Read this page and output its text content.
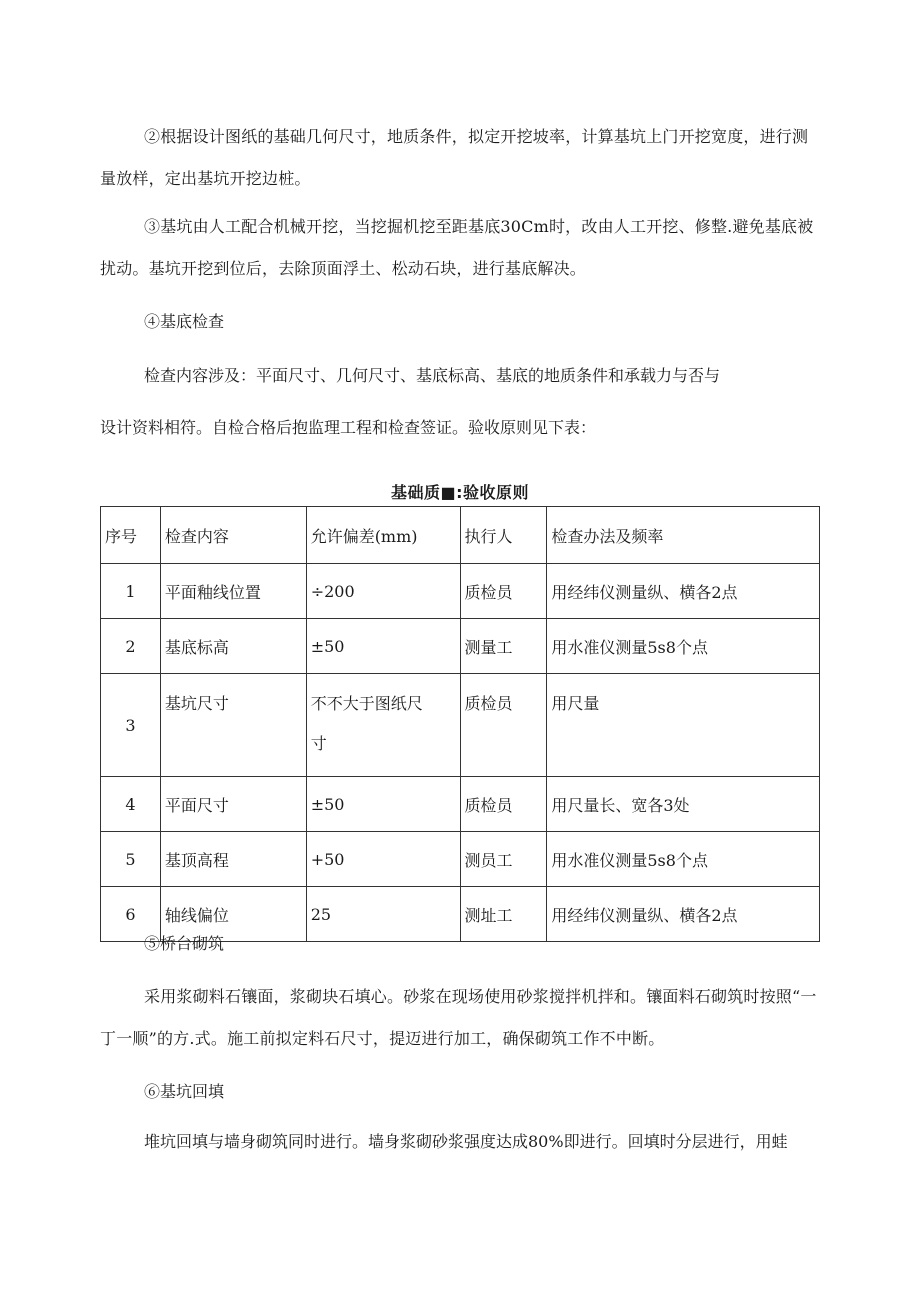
②根据设计图纸的基础几何尺寸，地质条件，拟定开挖坡率，计算基坑上门开挖宽度，进行测量放样，定出基坑开挖边桩。

③基坑由人工配合机械开挖，当挖掘机挖至距基底30Cm时，改由人工开挖、修整.避免基底被扰动。基坑开挖到位后，去除顶面浮土、松动石块，进行基底解决。

④基底检查

检查内容涉及：平面尺寸、几何尺寸、基底标高、基底的地质条件和承载力与否与

设计资料相符。自检合格后抱监理工程和检查签证。验收原则见下表：

基础质■:验收原则

序号	检查内容	允许偏差(mm)	执行人	检查办法及频率
1	平面釉线位置	÷200	质检员	用经纬仪测量纵、横各2点
2	基底标高	±50	测量工	用水准仪测量5s8个点
3	基坑尺寸	不不大于图纸尺寸	质检员	用尺量
4	平面尺寸	±50	质检员	用尺量长、宽各3处
5	基顶高程	+50	测员工	用水准仪测量5s8个点
6	轴线偏位	25	测址工	用经纬仪测量纵、横各2点

⑤桥台砌筑

采用浆砌料石镶面，浆砌块石填心。砂浆在现场使用砂浆搅拌机拌和。镶面料石砌筑时按照“一丁一顺”的方.式。施工前拟定料石尺寸，提迈进行加工，确保砌筑工作不中断。

⑥基坑回填

堆坑回填与墙身砌筑同时进行。墙身浆砌砂浆强度达成80%即进行。回填时分层进行，用蛙
